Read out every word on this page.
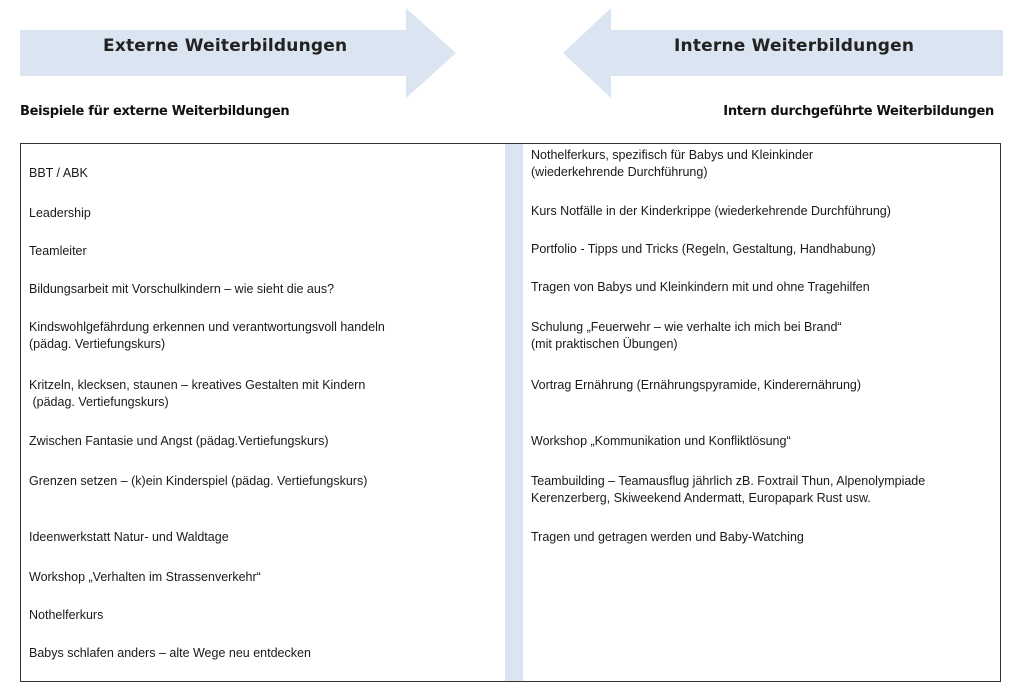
Externe Weiterbildungen	Interne Weiterbildungen
Beispiele für externe Weiterbildungen	Intern durchgeführte Weiterbildungen
BBT / ABK
Leadership
Teamleiter
Bildungsarbeit mit Vorschulkindern – wie sieht die aus?
Kindswohlgefährdung erkennen und verantwortungsvoll handeln
(pädag. Vertiefungskurs)
Kritzeln, klecksen, staunen – kreatives Gestalten mit Kindern
(pädag. Vertiefungskurs)
Zwischen Fantasie und Angst (pädag.Vertiefungskurs)
Grenzen setzen – (k)ein Kinderspiel (pädag. Vertiefungskurs)
Ideenwerkstatt Natur- und Waldtage
Workshop „Verhalten im Strassenverkehr“
Nothelferkurs
Babys schlafen anders – alte Wege neu entdecken
Nothelferkurs, spezifisch für Babys und Kleinkinder
(wiederkehrende Durchführung)
Kurs Notfälle in der Kinderkrippe (wiederkehrende Durchführung)
Portfolio - Tipps und Tricks (Regeln, Gestaltung, Handhabung)
Tragen von Babys und Kleinkindern mit und ohne Tragehilfen
Schulung „Feuerwehr – wie verhalte ich mich bei Brand“
(mit praktischen Übungen)
Vortrag Ernährung (Ernährungspyramide, Kinderernährung)
Workshop „Kommunikation und Konfliktlösung“
Teambuilding – Teamausflug jährlich zB. Foxtrail Thun, Alpenolympiade
Kerenzerberg, Skiweekend Andermatt, Europapark Rust usw.
Tragen und getragen werden und Baby-Watching
